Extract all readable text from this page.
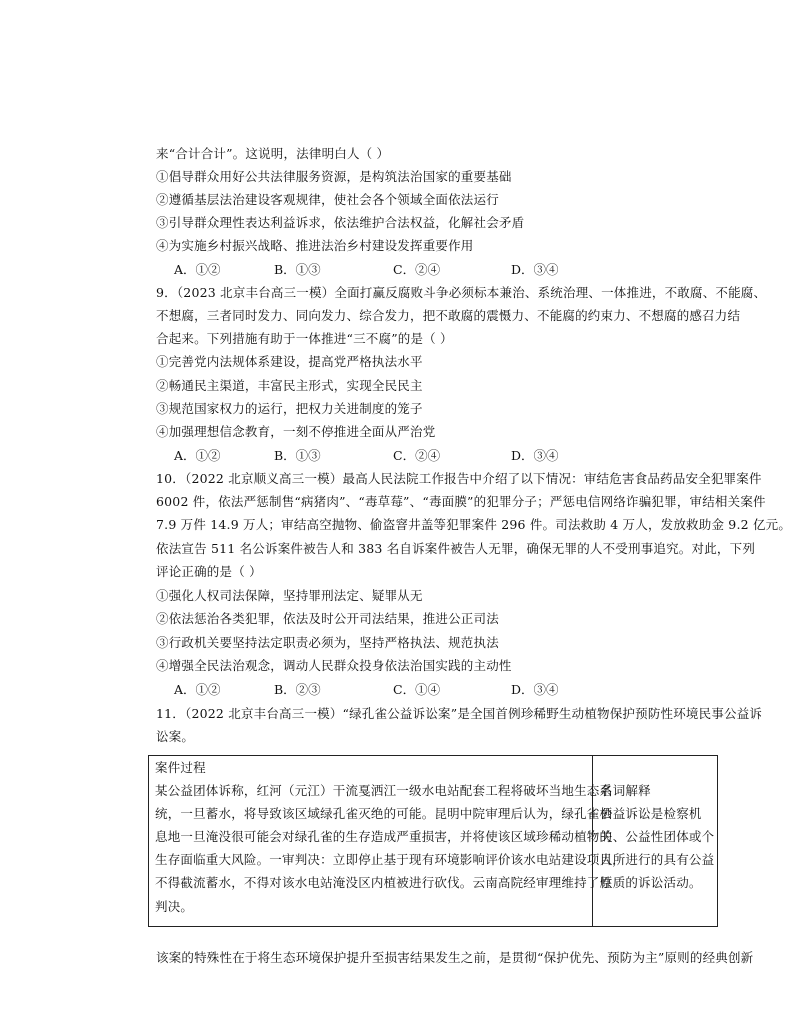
来“合计合计”。这说明，法律明白人（ ）
①倡导群众用好公共法律服务资源，是构筑法治国家的重要基础
②遵循基层法治建设客观规律，使社会各个领域全面依法运行
③引导群众理性表达利益诉求，依法维护合法权益，化解社会矛盾
④为实施乡村振兴战略、推进法治乡村建设发挥重要作用
A．①②	B．①③	C．②④	D．③④
9．（2023 北京丰台高三一模）全面打赢反腐败斗争必须标本兼治、系统治理、一体推进，不敢腐、不能腐、
不想腐，三者同时发力、同向发力、综合发力，把不敢腐的震慑力、不能腐的约束力、不想腐的感召力结
合起来。下列措施有助于一体推进“三不腐”的是（ ）
①完善党内法规体系建设，提高党严格执法水平
②畅通民主渠道，丰富民主形式，实现全民民主
③规范国家权力的运行，把权力关进制度的笼子
④加强理想信念教育，一刻不停推进全面从严治党
A．①②	B．①③	C．②④	D．③④
10．（2022 北京顺义高三一模）最高人民法院工作报告中介绍了以下情况：审结危害食品药品安全犯罪案件
6002 件，依法严惩制售“病猪肉”、“毒草莓”、“毒面膜”的犯罪分子；严惩电信网络诈骗犯罪，审结相关案件
7.9 万件 14.9 万人；审结高空抛物、偷盗窨井盖等犯罪案件 296 件。司法救助 4 万人，发放救助金 9.2 亿元。
依法宣告 511 名公诉案件被告人和 383 名自诉案件被告人无罪，确保无罪的人不受刑事追究。对此，下列
评论正确的是（ ）
①强化人权司法保障，坚持罪刑法定、疑罪从无
②依法惩治各类犯罪，依法及时公开司法结果，推进公正司法
③行政机关要坚持法定职责必须为，坚持严格执法、规范执法
④增强全民法治观念，调动人民群众投身依法治国实践的主动性
A．①②	B．②③	C．①④	D．③④
11．（2022 北京丰台高三一模）“绿孔雀公益诉讼案”是全国首例珍稀野生动植物保护预防性环境民事公益诉
讼案。
案件过程
某公益团体诉称，红河（元江）干流戛洒江一级水电站配套工程将破坏当地生态系
统，一旦蓄水，将导致该区域绿孔雀灭绝的可能。昆明中院审理后认为，绿孔雀栖
息地一旦淹没很可能会对绿孔雀的生存造成严重损害，并将使该区域珍稀动植物的
生存面临重大风险。一审判决：立即停止基于现有环境影响评价该水电站建设项目，
不得截流蓄水，不得对该水电站淹没区内植被进行砍伐。云南高院经审理维持了原
判决。
名词解释
公益诉讼是检察机
关、公益性团体或个
人所进行的具有公益
性质的诉讼活动。
该案的特殊性在于将生态环境保护提升至损害结果发生之前，是贯彻“保护优先、预防为主”原则的经典创新
